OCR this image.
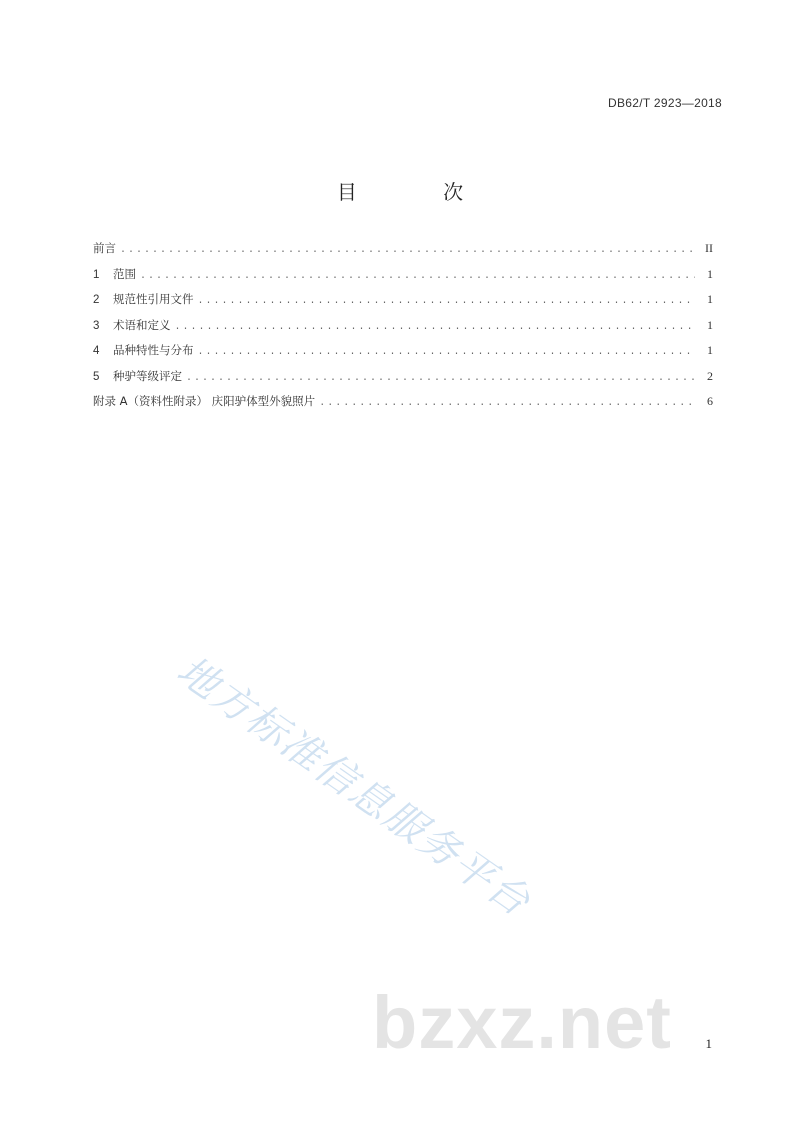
DB62/T 2923—2018
目 次
前言 .....	II
1	范围 .....	1
2	规范性引用文件 .....	1
3	术语和定义 .....	1
4	品种特性与分布 .....	1
5	种驴等级评定 .....	2
附录 A（资料性附录） 庆阳驴体型外貌照片 .....	6
地方标准信息服务平台
bzxz.net	1
